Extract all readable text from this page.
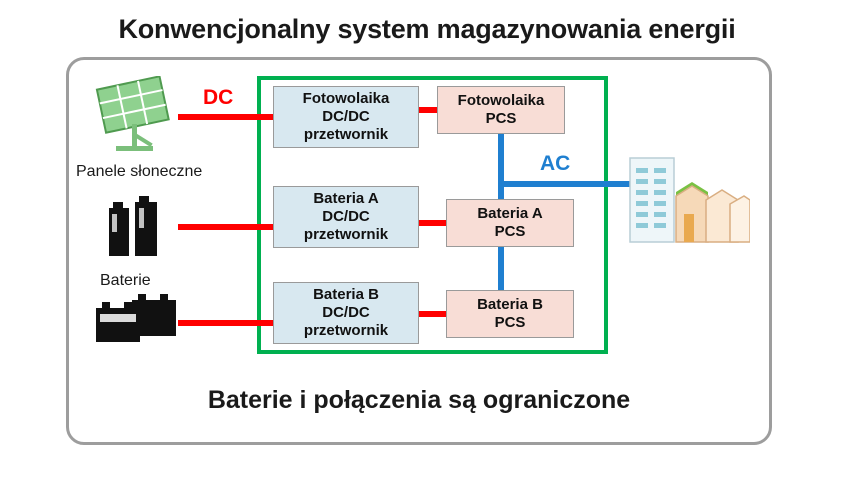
Konwencjonalny system magazynowania energii
DC
AC
Fotowolaika
DC/DC
przetwornik
Bateria A
DC/DC
przetwornik
Bateria B
DC/DC
przetwornik
Fotowolaika
PCS
Bateria A
PCS
Bateria B
PCS
Panele słoneczne
Baterie
Baterie i połączenia są ograniczone
